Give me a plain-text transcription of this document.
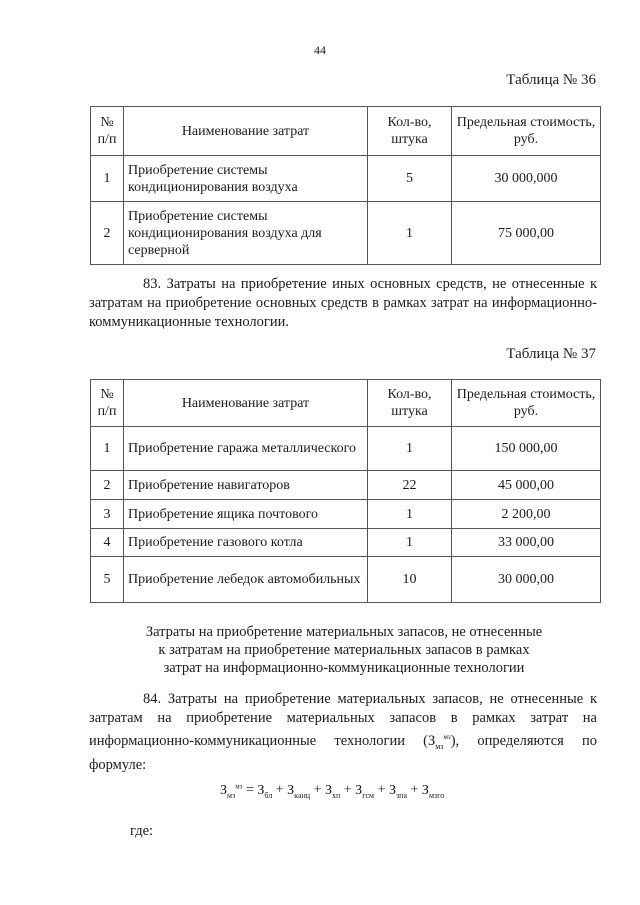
44
Таблица № 36
№ п/п	Наименование затрат	Кол-во, штука	Предельная стоимость, руб.
1	Приобретение системы кондиционирования воздуха	5	30 000,000
2	Приобретение системы кондиционирования воздуха для серверной	1	75 000,00

83. Затраты на приобретение иных основных средств, не отнесенные к затратам на приобретение основных средств в рамках затрат на информационно-коммуникационные технологии.

Таблица № 37
№ п/п	Наименование затрат	Кол-во, штука	Предельная стоимость, руб.
1	Приобретение гаража металлического	1	150 000,00
2	Приобретение навигаторов	22	45 000,00
3	Приобретение ящика почтового	1	2 200,00
4	Приобретение газового котла	1	33 000,00
5	Приобретение лебедок автомобильных	10	30 000,00
Затраты на приобретение материальных запасов, не отнесенные
к затратам на приобретение материальных запасов в рамках
затрат на информационно-коммуникационные технологии

84. Затраты на приобретение материальных запасов, не отнесенные к затратам на приобретение материальных запасов в рамках затрат на информационно-коммуникационные технологии $(З_{мз}^{мз})$, определяются по формуле:

$З_{мз}^{мз} = З_{бл} + З_{канц} + З_{хп} + З_{гсм} + З_{зпа} + З_{мзго}$
где:
